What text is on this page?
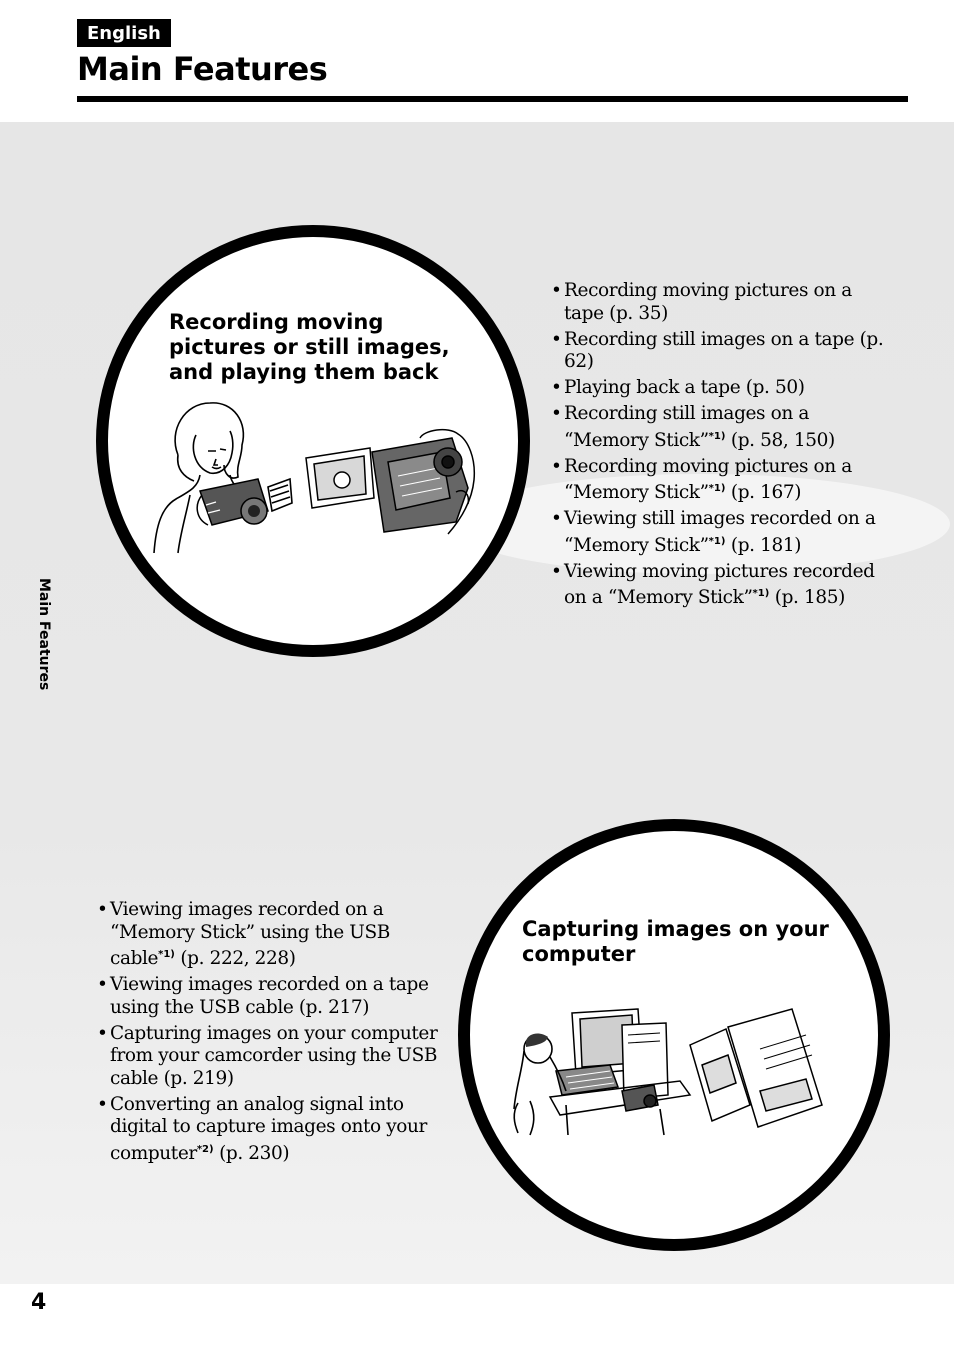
English
Main Features
Main Features
Recording moving pictures or still images, and playing them back
• Recording moving pictures on a tape (p. 35)
• Recording still images on a tape (p. 62)
• Playing back a tape (p. 50)
• Recording still images on a “Memory Stick”$^{*1)}$ (p. 58, 150)
• Recording moving pictures on a “Memory Stick”$^{*1)}$ (p. 167)
• Viewing still images recorded on a “Memory Stick”$^{*1)}$ (p. 181)
• Viewing moving pictures recorded on a “Memory Stick”$^{*1)}$ (p. 185)
Capturing images on your computer
• Viewing images recorded on a “Memory Stick” using the USB cable$^{*1)}$ (p. 222, 228)
• Viewing images recorded on a tape using the USB cable (p. 217)
• Capturing images on your computer from your camcorder using the USB cable (p. 219)
• Converting an analog signal into digital to capture images onto your computer$^{*2)}$ (p. 230)
4
